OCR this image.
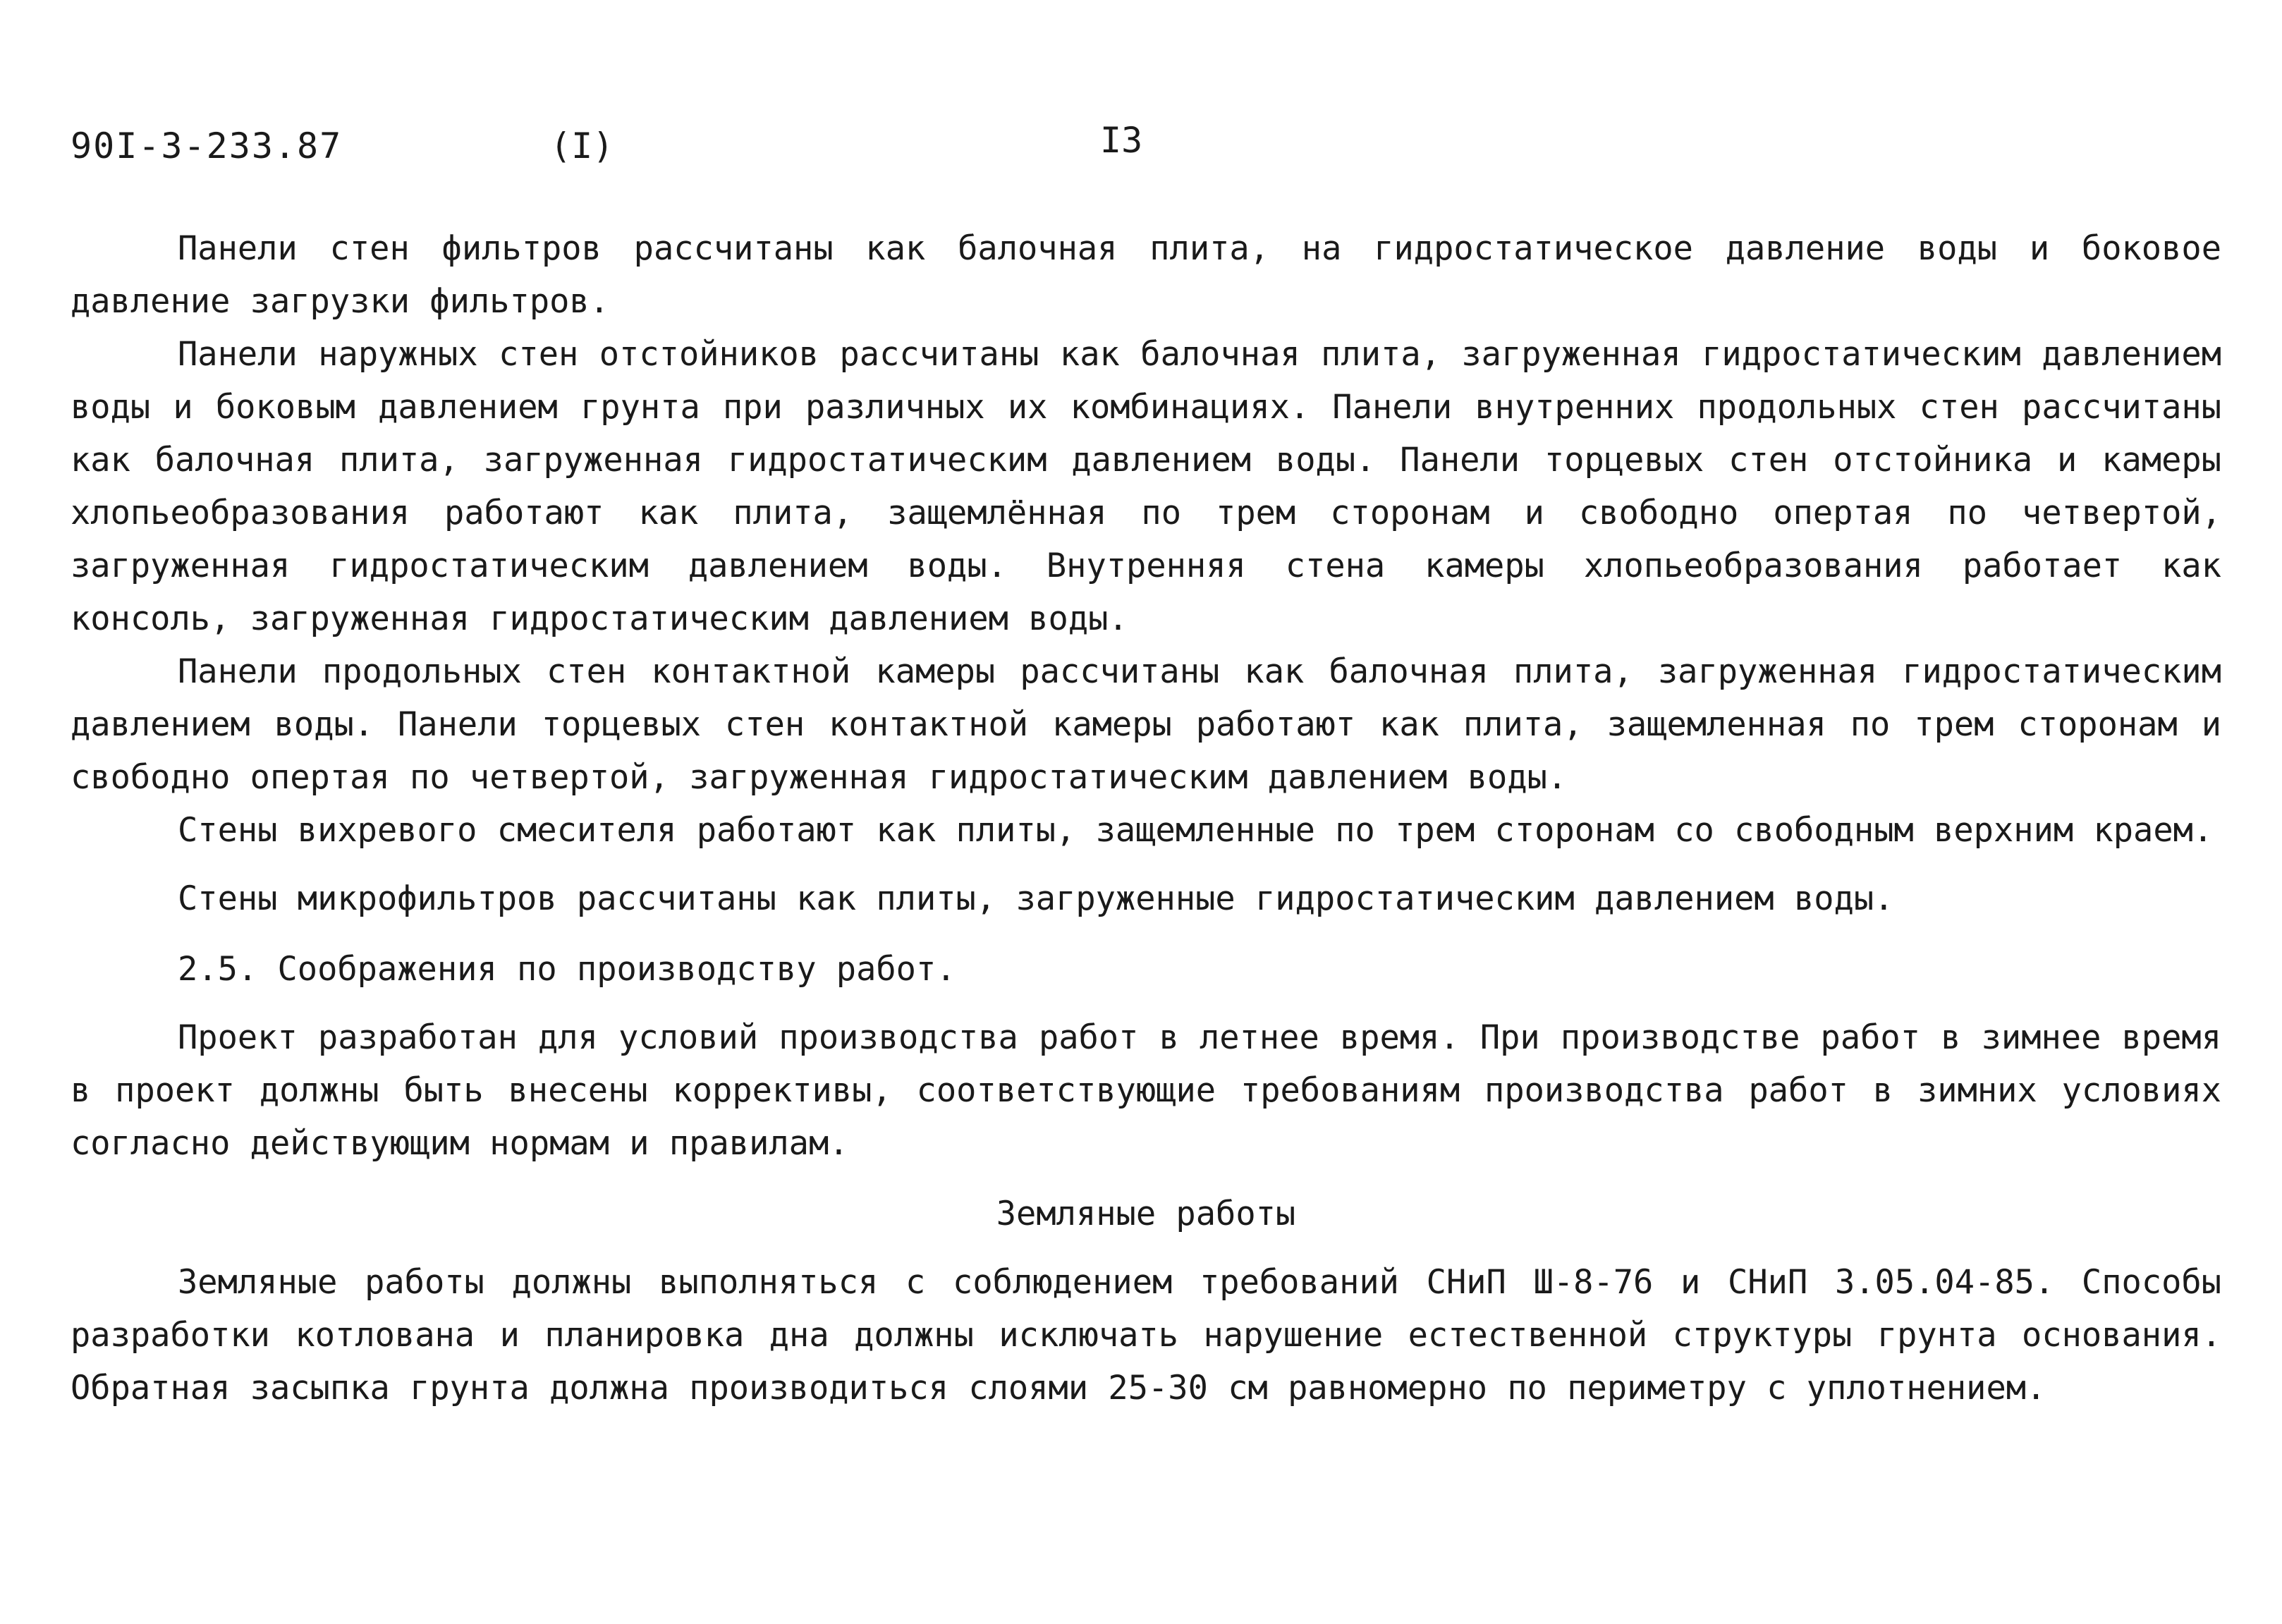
90I-3-233.87	(I)	I3

Панели стен фильтров рассчитаны как балочная плита, на гидростатическое давление воды и боковое давление загрузки фильтров.

Панели наружных стен отстойников рассчитаны как балочная плита, загруженная гидростатическим давлением воды и боковым давлением грунта при различных их комбинациях. Панели внутренних продольных стен рассчитаны как балочная плита, загруженная гидростатическим давлением воды. Панели торцевых стен отстойника и камеры хлопьеобразования работают как плита, защемлённая по трем сторонам и свободно опертая по четвертой, загруженная гидростатическим давлением воды. Внутренняя стена камеры хлопьеобразования работает как консоль, загруженная гидростатическим давлением воды.

Панели продольных стен контактной камеры рассчитаны как балочная плита, загруженная гидростатическим давлением воды. Панели торцевых стен контактной камеры работают как плита, защемленная по трем сторонам и свободно опертая по четвертой, загруженная гидростатическим давлением воды.

Стены вихревого смесителя работают как плиты, защемленные по трем сторонам со свободным верхним краем.

Стены микрофильтров рассчитаны как плиты, загруженные гидростатическим давлением воды.

2.5. Соображения по производству работ.

Проект разработан для условий производства работ в летнее время. При производстве работ в зимнее время в проект должны быть внесены коррективы, соответствующие требованиям производства работ в зимних условиях согласно действующим нормам и правилам.

Земляные работы

Земляные работы должны выполняться с соблюдением требований СНиП Ш-8-76 и СНиП 3.05.04-85. Способы разработки котлована и планировка дна должны исключать нарушение естественной структуры грунта основания. Обратная засыпка грунта должна производиться слоями 25-30 см равномерно по периметру с уплотнением.
